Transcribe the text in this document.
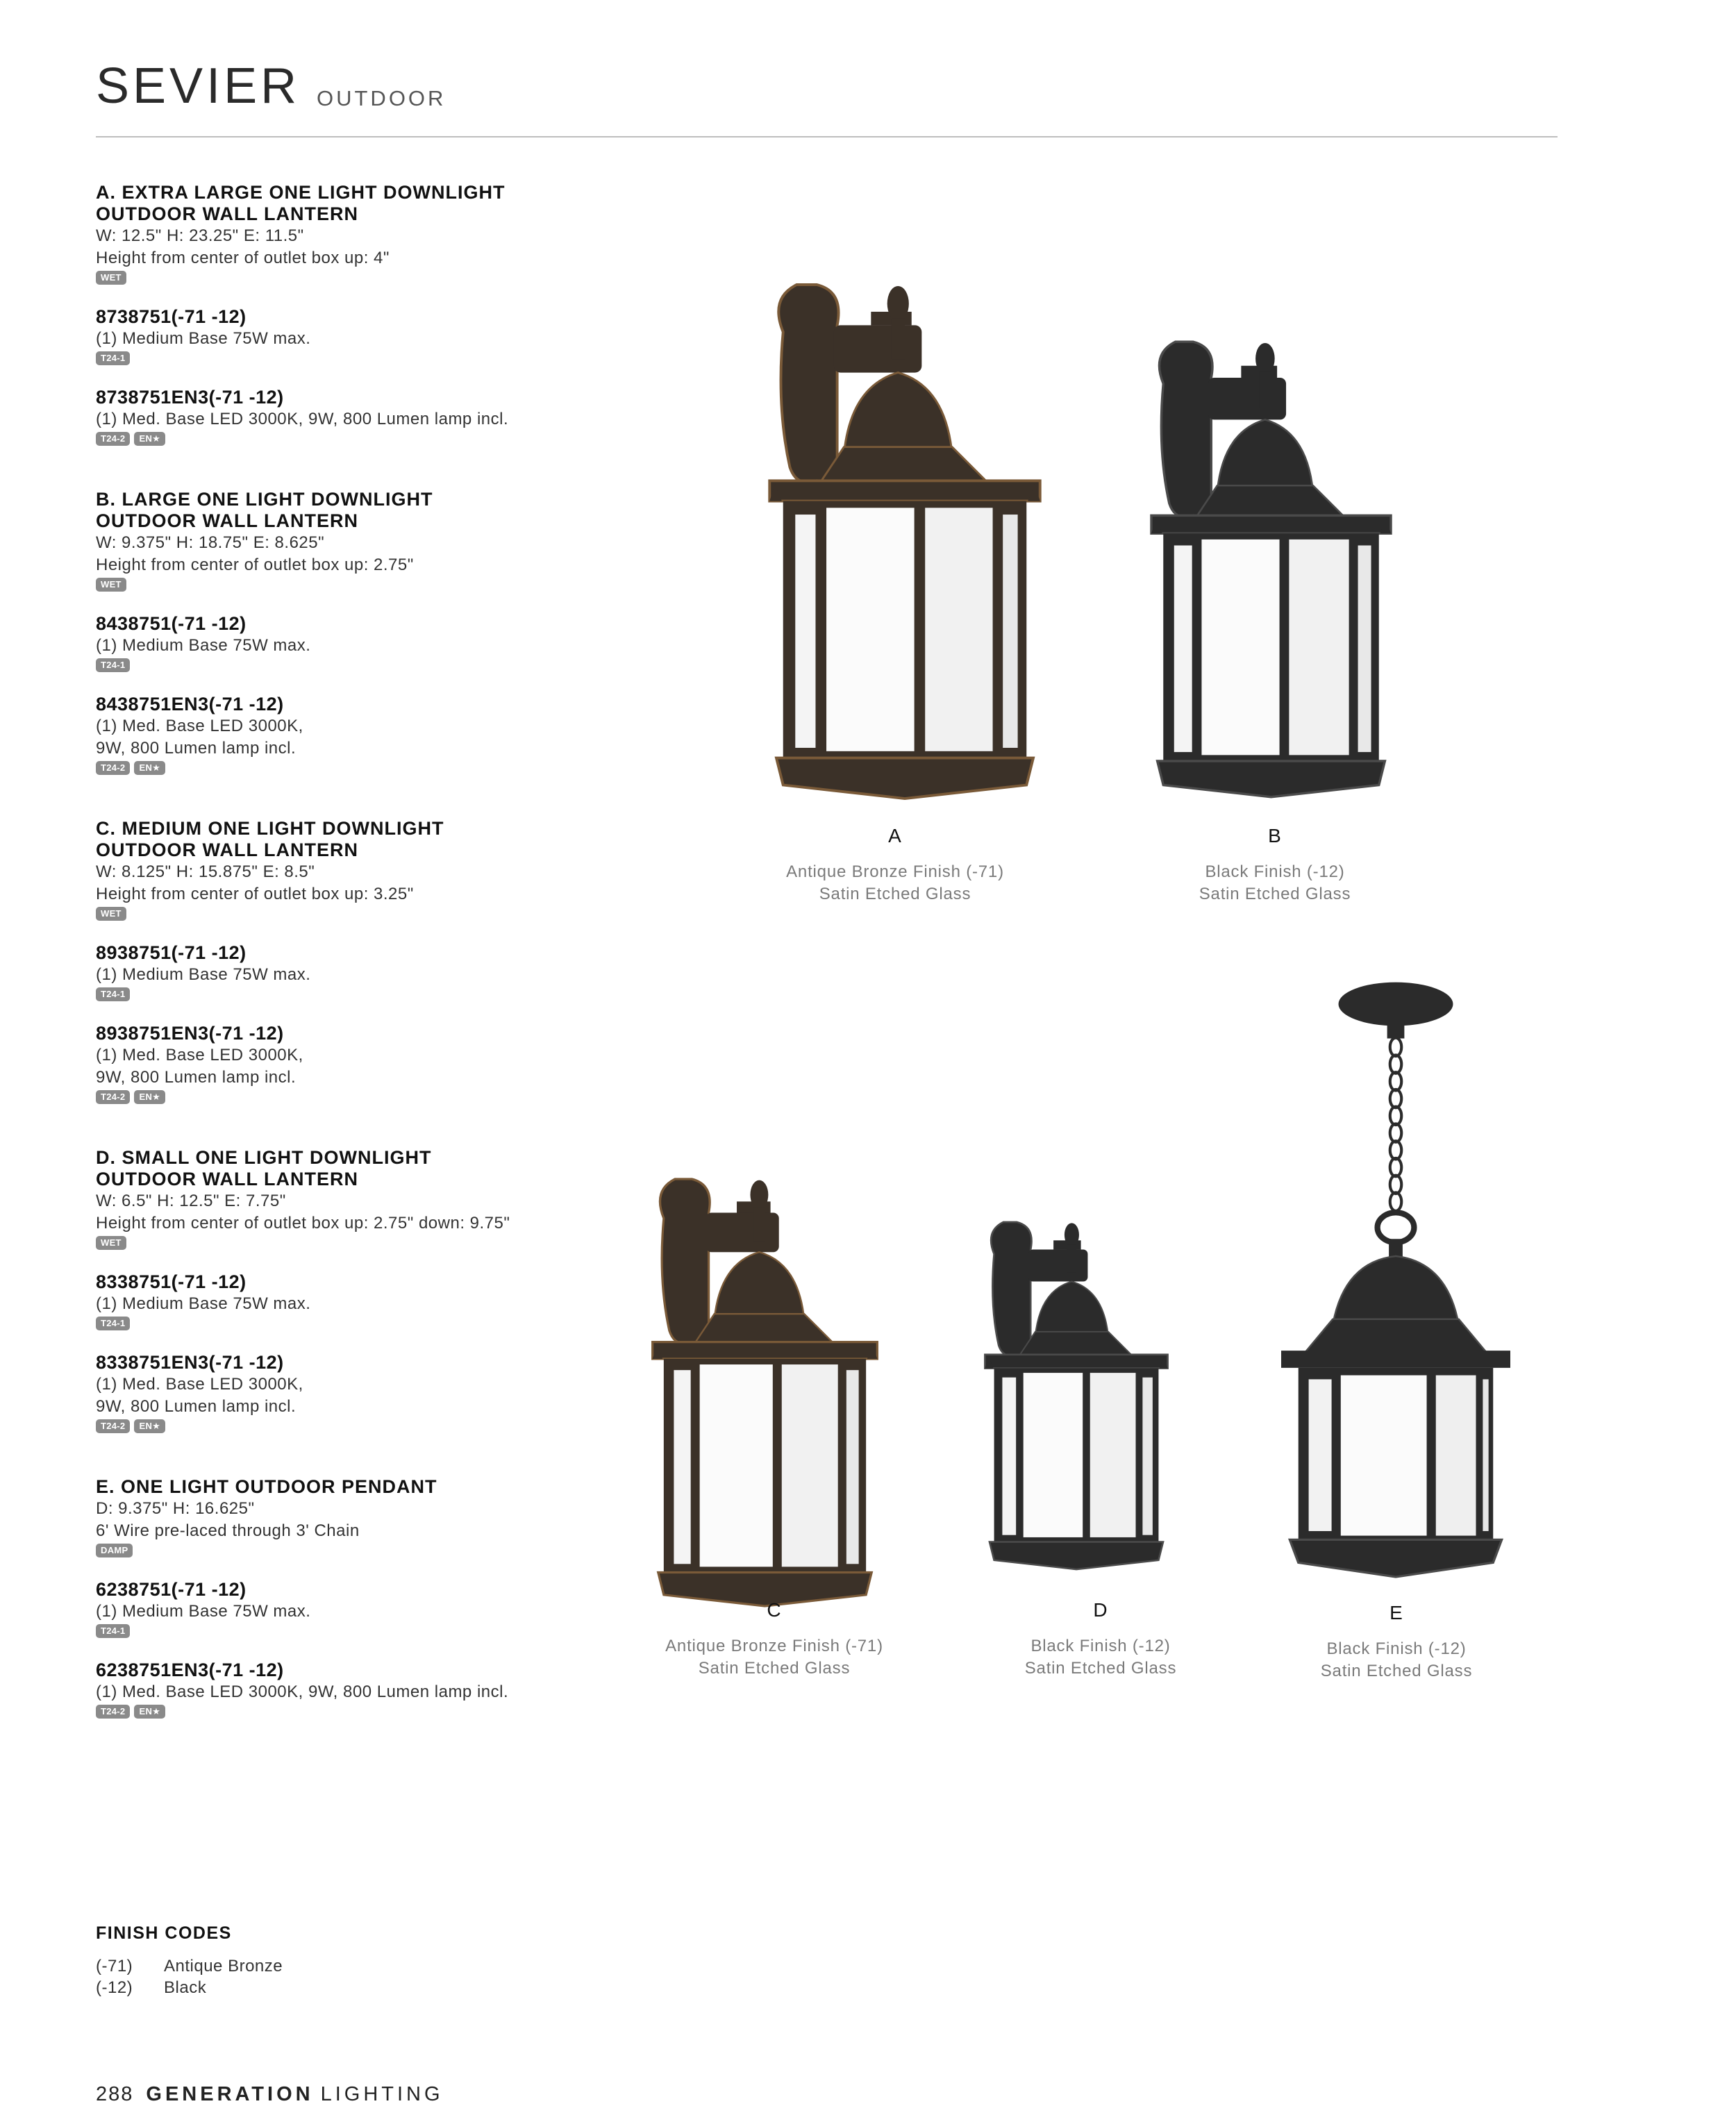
SEVIER OUTDOOR
A. EXTRA LARGE ONE LIGHT DOWNLIGHT
OUTDOOR WALL LANTERN
W: 12.5" H: 23.25" E: 11.5"
Height from center of outlet box up: 4"
WET
8738751(-71 -12)
(1) Medium Base 75W max.
T24-1
8738751EN3(-71 -12)
(1) Med. Base LED 3000K, 9W, 800 Lumen lamp incl.
T24-2	EN★
B. LARGE ONE LIGHT DOWNLIGHT
OUTDOOR WALL LANTERN
W: 9.375" H: 18.75" E: 8.625"
Height from center of outlet box up: 2.75"
WET
8438751(-71 -12)
(1) Medium Base 75W max.
T24-1
8438751EN3(-71 -12)
(1) Med. Base LED 3000K,
9W, 800 Lumen lamp incl.
T24-2	EN★
C. MEDIUM ONE LIGHT DOWNLIGHT
OUTDOOR WALL LANTERN
W: 8.125" H: 15.875" E: 8.5"
Height from center of outlet box up: 3.25"
WET
8938751(-71 -12)
(1) Medium Base 75W max.
T24-1
8938751EN3(-71 -12)
(1) Med. Base LED 3000K,
9W, 800 Lumen lamp incl.
T24-2	EN★
D. SMALL ONE LIGHT DOWNLIGHT
OUTDOOR WALL LANTERN
W: 6.5" H: 12.5" E: 7.75"
Height from center of outlet box up: 2.75" down: 9.75"
WET
8338751(-71 -12)
(1) Medium Base 75W max.
T24-1
8338751EN3(-71 -12)
(1) Med. Base LED 3000K,
9W, 800 Lumen lamp incl.
T24-2	EN★
E. ONE LIGHT OUTDOOR PENDANT
D: 9.375" H: 16.625"
6' Wire pre-laced through 3' Chain
DAMP
6238751(-71 -12)
(1) Medium Base 75W max.
T24-1
6238751EN3(-71 -12)
(1) Med. Base LED 3000K, 9W, 800 Lumen lamp incl.
T24-2	EN★
FINISH CODES
(-71) Antique Bronze
(-12) Black
288 GENERATION LIGHTING
A
Antique Bronze Finish (-71)
Satin Etched Glass
B
Black Finish (-12)
Satin Etched Glass
C
Antique Bronze Finish (-71)
Satin Etched Glass
D
Black Finish (-12)
Satin Etched Glass
E
Black Finish (-12)
Satin Etched Glass
